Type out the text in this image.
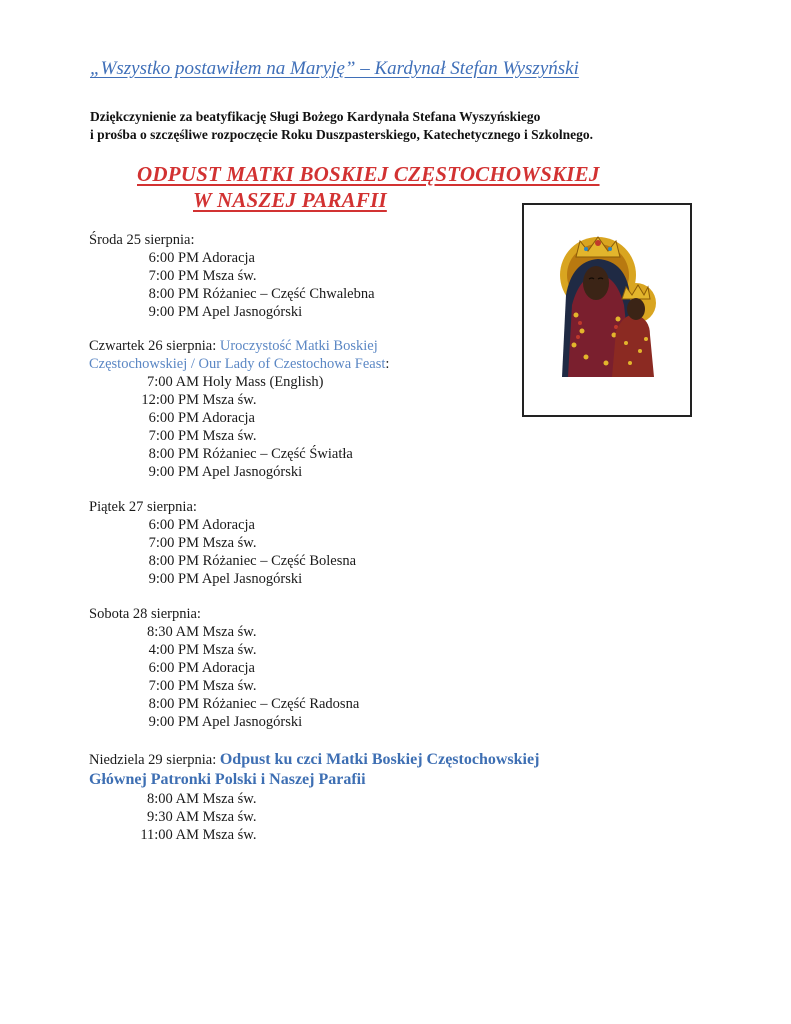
„Wszystko postawiłem na Maryję” – Kardynał Stefan Wyszyński
Dziękczynienie za beatyfikację Sługi Bożego Kardynała Stefana Wyszyńskiego
i prośba o szczęśliwe rozpoczęcie Roku Duszpasterskiego, Katechetycznego i Szkolnego.
ODPUST MATKI BOSKIEJ CZĘSTOCHOWSKIEJ
W NASZEJ PARAFII
Środa 25 sierpnia:
6:00 PM Adoracja
7:00 PM Msza św.
8:00 PM Różaniec – Część Chwalebna
9:00 PM Apel Jasnogórski
Czwartek 26 sierpnia: Uroczystość Matki Boskiej
Częstochowskiej / Our Lady of Czestochowa Feast:
7:00 AM Holy Mass (English)
12:00 PM Msza św.
6:00 PM Adoracja
7:00 PM Msza św.
8:00 PM Różaniec – Część Światła
9:00 PM Apel Jasnogórski
Piątek 27 sierpnia:
6:00 PM Adoracja
7:00 PM Msza św.
8:00 PM Różaniec – Część Bolesna
9:00 PM Apel Jasnogórski
Sobota 28 sierpnia:
8:30 AM Msza św.
4:00 PM Msza św.
6:00 PM Adoracja
7:00 PM Msza św.
8:00 PM Różaniec – Część Radosna
9:00 PM Apel Jasnogórski
Niedziela 29 sierpnia: Odpust ku czci Matki Boskiej Częstochowskiej
Głównej Patronki Polski i Naszej Parafii
8:00 AM Msza św.
9:30 AM Msza św.
11:00 AM Msza św.
